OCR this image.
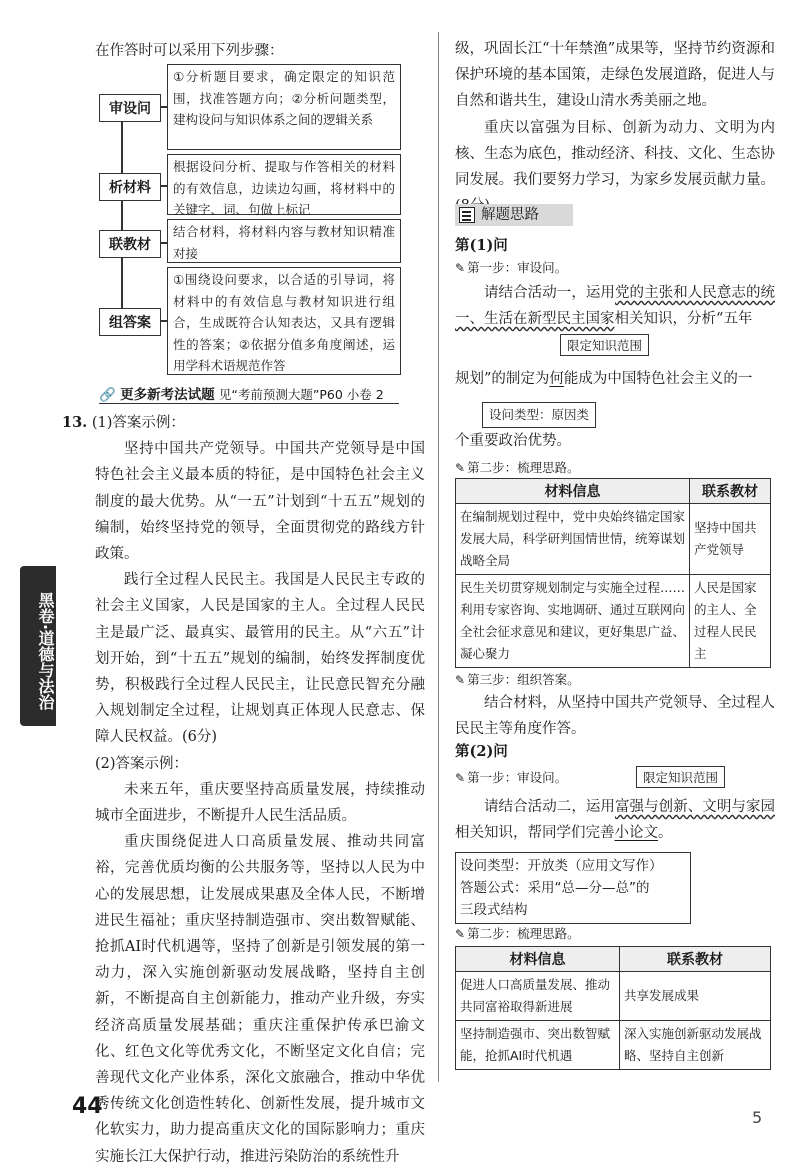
在作答时可以采用下列步骤：
审设问
①分析题目要求，确定限定的知识范围，找准答题方向；②分析问题类型，建构设问与知识体系之间的逻辑关系
析材料
根据设问分析、提取与作答相关的材料的有效信息，边读边勾画，将材料中的关键字、词、句做上标记
联教材
结合材料，将材料内容与教材知识精准对接
组答案
①围绕设问要求，以合适的引导词，将材料中的有效信息与教材知识进行组合，生成既符合认知表达，又具有逻辑性的答案；②依据分值多角度阐述，运用学科术语规范作答
🔗 更多新考法试题 见“考前预测大题”P60 小卷 2
13. (1)答案示例：

坚持中国共产党领导。中国共产党领导是中国特色社会主义最本质的特征，是中国特色社会主义制度的最大优势。从“一五”计划到“十五五”规划的编制，始终坚持党的领导，全面贯彻党的路线方针政策。

践行全过程人民民主。我国是人民民主专政的社会主义国家，人民是国家的主人。全过程人民民主是最广泛、最真实、最管用的民主。从“六五”计划开始，到“十五五”规划的编制，始终发挥制度优势，积极践行全过程人民民主，让民意民智充分融入规划制定全过程，让规划真正体现人民意志、保障人民权益。(6分)

(2)答案示例：

未来五年，重庆要坚持高质量发展，持续推动城市全面进步，不断提升人民生活品质。

重庆围绕促进人口高质量发展、推动共同富裕，完善优质均衡的公共服务等，坚持以人民为中心的发展思想，让发展成果惠及全体人民，不断增进民生福祉；重庆坚持制造强市、突出数智赋能、抢抓AI时代机遇等，坚持了创新是引领发展的第一动力，深入实施创新驱动发展战略，坚持自主创新，不断提高自主创新能力，推动产业升级，夯实经济高质量发展基础；重庆注重保护传承巴渝文化、红色文化等优秀文化，不断坚定文化自信；完善现代文化产业体系，深化文旅融合，推动中华优秀传统文化创造性转化、创新性发展，提升城市文化软实力，助力提高重庆文化的国际影响力；重庆实施长江大保护行动，推进污染防治的系统性升

黑卷·道德与法治
44

级，巩固长江“十年禁渔”成果等，坚持节约资源和保护环境的基本国策，走绿色发展道路，促进人与自然和谐共生，建设山清水秀美丽之地。

重庆以富强为目标、创新为动力、文明为内核、生态为底色，推动经济、科技、文化、生态协同发展。我们要努力学习，为家乡发展贡献力量。

解题思路
第(1)问
✎ 第一步：审设问。
请结合活动一，运用党的主张和人民意志的统一、生活在新型民主国家相关知识，分析“五年
限定知识范围
规划”的制定为何能成为中国特色社会主义的一
设问类型：原因类
个重要政治优势。
✎ 第二步：梳理思路。
材料信息	联系教材
在编制规划过程中，党中央始终锚定国家发展大局，科学研判国情世情，统筹谋划战略全局	坚持中国共产党领导
民生关切贯穿规划制定与实施全过程……利用专家咨询、实地调研、通过互联网向全社会征求意见和建议，更好集思广益、凝心聚力	人民是国家的主人、全过程人民民主
✎ 第三步：组织答案。
结合材料，从坚持中国共产党领导、全过程人民民主等角度作答。
第(2)问
✎ 第一步：审设问。	限定知识范围
请结合活动二，运用富强与创新、文明与家园相关知识，帮同学们完善小论文。
设问类型：开放类（应用文写作）
答题公式：采用“总—分—总”的
三段式结构
✎ 第二步：梳理思路。
材料信息	联系教材
促进人口高质量发展、推动共同富裕取得新进展	共享发展成果
坚持制造强市、突出数智赋能，抢抓AI时代机遇	深入实施创新驱动发展战略、坚持自主创新
5
